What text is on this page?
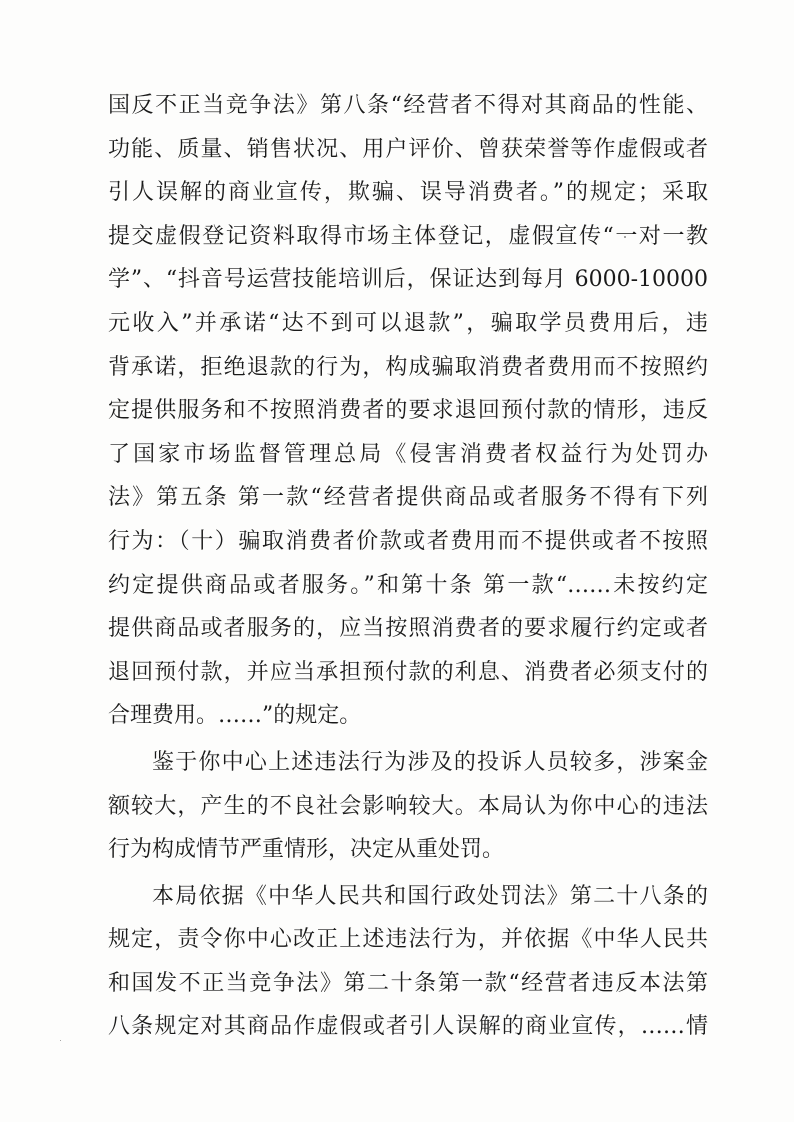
国反不正当竞争法》第八条“经营者不得对其商品的性能、
功能、质量、销售状况、用户评价、曾获荣誉等作虚假或者
引人误解的商业宣传，欺骗、误导消费者。”的规定；采取
提交虚假登记资料取得市场主体登记，虚假宣传“一对一教
学”、“抖音号运营技能培训后，保证达到每月 6000-10000
元收入”并承诺“达不到可以退款”，骗取学员费用后，违
背承诺，拒绝退款的行为，构成骗取消费者费用而不按照约
定提供服务和不按照消费者的要求退回预付款的情形，违反
了国家市场监督管理总局《侵害消费者权益行为处罚办
法》第五条 第一款“经营者提供商品或者服务不得有下列
行为：（十）骗取消费者价款或者费用而不提供或者不按照
约定提供商品或者服务。”和第十条 第一款“……未按约定
提供商品或者服务的，应当按照消费者的要求履行约定或者
退回预付款，并应当承担预付款的利息、消费者必须支付的
合理费用。……”的规定。
鉴于你中心上述违法行为涉及的投诉人员较多，涉案金
额较大，产生的不良社会影响较大。本局认为你中心的违法
行为构成情节严重情形，决定从重处罚。
本局依据《中华人民共和国行政处罚法》第二十八条的
规定，责令你中心改正上述违法行为，并依据《中华人民共
和国发不正当竞争法》第二十条第一款“经营者违反本法第
八条规定对其商品作虚假或者引人误解的商业宣传，……情
